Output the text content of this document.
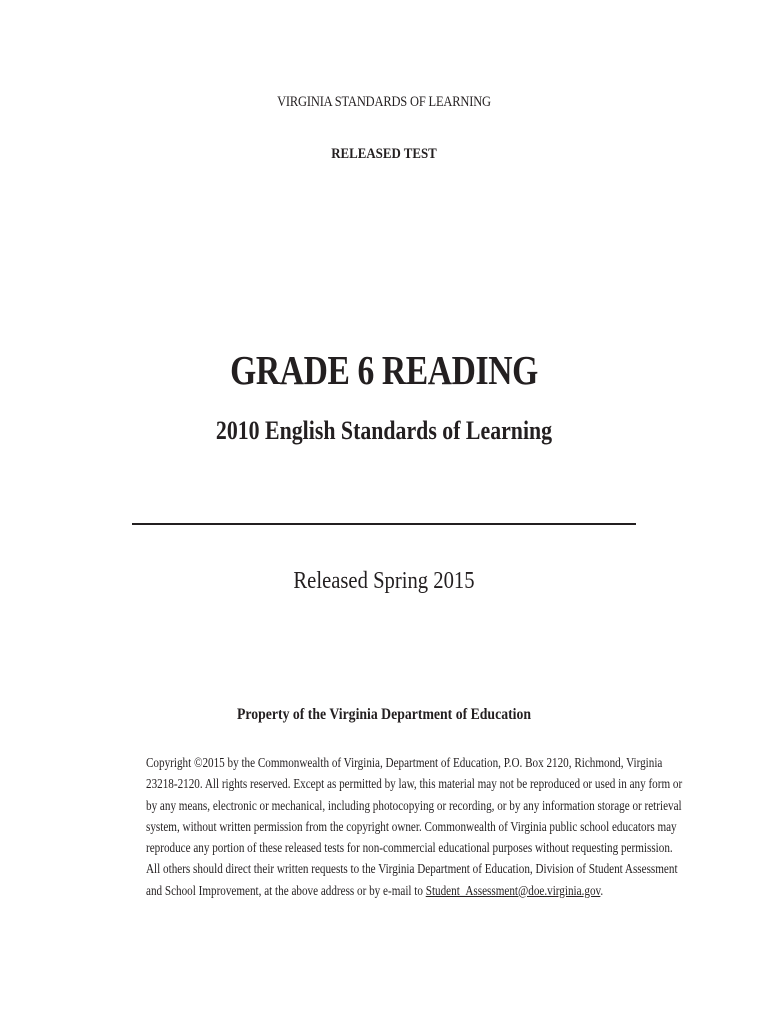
VIRGINIA STANDARDS OF LEARNING
RELEASED TEST
GRADE 6 READING
2010 English Standards of Learning
Released Spring 2015
Property of the Virginia Department of Education
Copyright ©2015 by the Commonwealth of Virginia, Department of Education, P.O. Box 2120, Richmond, Virginia
23218-2120. All rights reserved. Except as permitted by law, this material may not be reproduced or used in any form or
by any means, electronic or mechanical, including photocopying or recording, or by any information storage or retrieval
system, without written permission from the copyright owner. Commonwealth of Virginia public school educators may
reproduce any portion of these released tests for non-commercial educational purposes without requesting permission.
All others should direct their written requests to the Virginia Department of Education, Division of Student Assessment
and School Improvement, at the above address or by e-mail to Student_Assessment@doe.virginia.gov.
